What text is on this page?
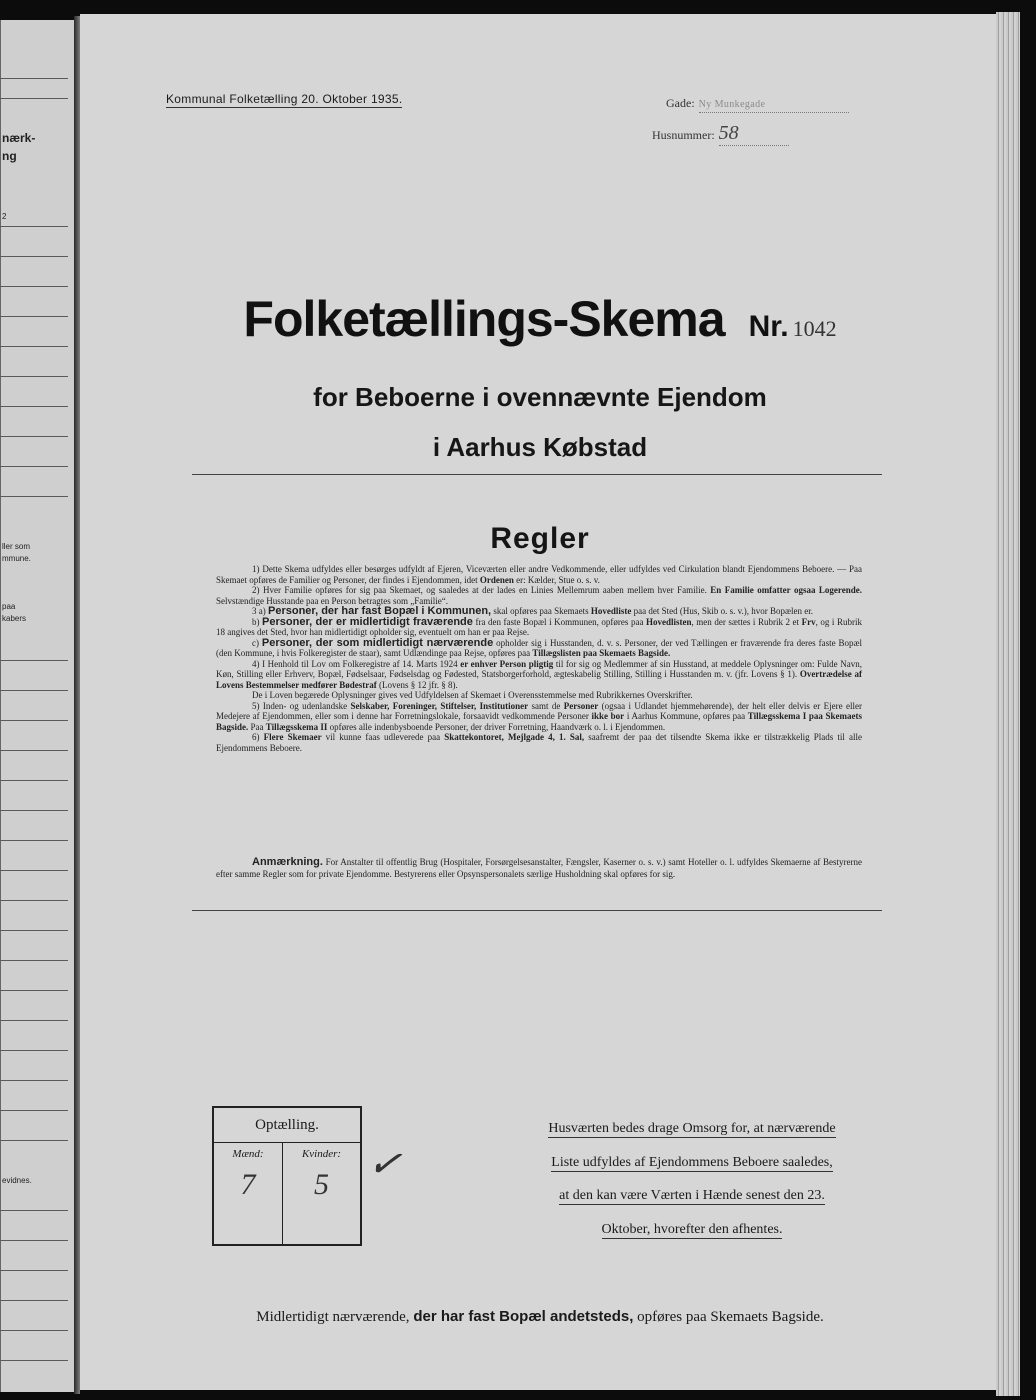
nærk-
ng
2
ller som
mmune.
paa
kabers
evidnes.
Kommunal Folketælling 20. Oktober 1935.	Gade: Ny Munkegade
Husnummer: 58
Folketællings-Skema Nr. 1042
for Beboerne i ovennævnte Ejendom
i Aarhus Købstad
Regler

1) Dette Skema udfyldes eller besørges udfyldt af Ejeren, Viceværten eller andre Vedkommende, eller udfyldes ved Cirkulation blandt Ejendommens Beboere. — Paa Skemaet opføres de Familier og Personer, der findes i Ejendommen, idet Ordenen er: Kælder, Stue o. s. v.

2) Hver Familie opføres for sig paa Skemaet, og saaledes at der lades en Linies Mellemrum aaben mellem hver Familie. En Familie omfatter ogsaa Logerende. Selvstændige Husstande paa en Person betragtes som „Familie“.

3 a) Personer, der har fast Bopæl i Kommunen, skal opføres paa Skemaets Hovedliste paa det Sted (Hus, Skib o. s. v.), hvor Bopælen er.

b) Personer, der er midlertidigt fraværende fra den faste Bopæl i Kommunen, opføres paa Hovedlisten, men der sættes i Rubrik 2 et Frv, og i Rubrik 18 angives det Sted, hvor han midlertidigt opholder sig, eventuelt om han er paa Rejse.

c) Personer, der som midlertidigt nærværende opholder sig i Husstanden, d. v. s. Personer, der ved Tællingen er fraværende fra deres faste Bopæl (den Kommune, i hvis Folkeregister de staar), samt Udlændinge paa Rejse, opføres paa Tillægslisten paa Skemaets Bagside.

4) I Henhold til Lov om Folkeregistre af 14. Marts 1924 er enhver Person pligtig til for sig og Medlemmer af sin Husstand, at meddele Oplysninger om: Fulde Navn, Køn, Stilling eller Erhverv, Bopæl, Fødselsaar, Fødselsdag og Fødested, Statsborgerforhold, ægteskabelig Stilling, Stilling i Husstanden m. v. (jfr. Lovens § 1). Overtrædelse af Lovens Bestemmelser medfører Bødestraf (Lovens § 12 jfr. § 8).

De i Loven begærede Oplysninger gives ved Udfyldelsen af Skemaet i Overensstemmelse med Rubrikkernes Overskrifter.

5) Inden- og udenlandske Selskaber, Foreninger, Stiftelser, Institutioner samt de Personer (ogsaa i Udlandet hjemmehørende), der helt eller delvis er Ejere eller Medejere af Ejendommen, eller som i denne har Forretningslokale, forsaavidt vedkommende Personer ikke bor i Aarhus Kommune, opføres paa Tillægsskema I paa Skemaets Bagside. Paa Tillægsskema II opføres alle indenbysboende Personer, der driver Forretning, Haandværk o. l. i Ejendommen.

6) Flere Skemaer vil kunne faas udleverede paa Skattekontoret, Mejlgade 4, 1. Sal, saafremt der paa det tilsendte Skema ikke er tilstrækkelig Plads til alle Ejendommens Beboere.

Anmærkning. For Anstalter til offentlig Brug (Hospitaler, Forsørgelsesanstalter, Fængsler, Kaserner o. s. v.) samt Hoteller o. l. udfyldes Skemaerne af Bestyrerne efter samme Regler som for private Ejendomme. Bestyrerens eller Opsynspersonalets særlige Husholdning skal opføres for sig.
Optælling.
Mænd:
7
Kvinder:
5 ✓
Husværten bedes drage Omsorg for, at nærværende
Liste udfyldes af Ejendommens Beboere saaledes,
at den kan være Værten i Hænde senest den 23.
Oktober, hvorefter den afhentes.
Midlertidigt nærværende, der har fast Bopæl andetsteds, opføres paa Skemaets Bagside.
